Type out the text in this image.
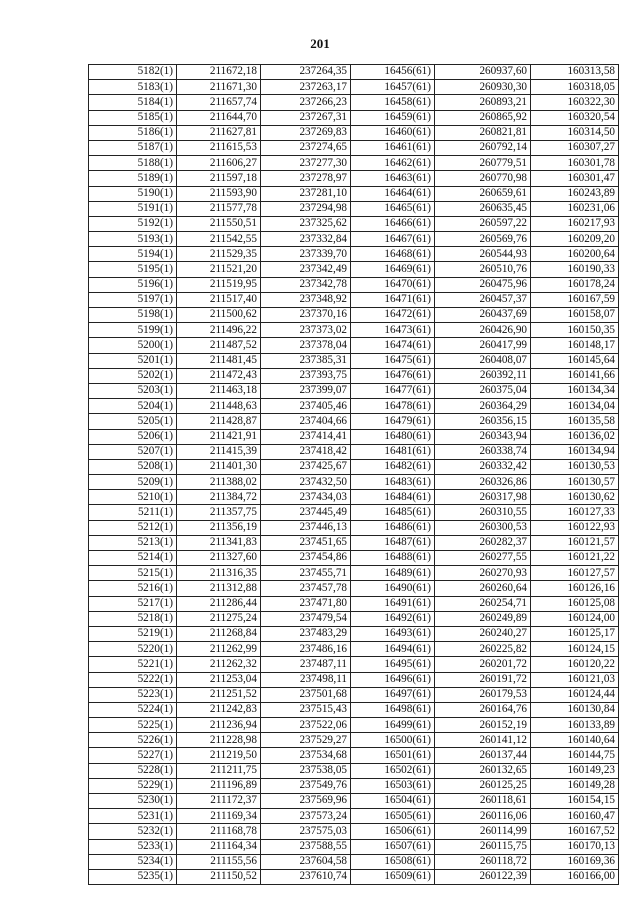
201
5182(1)	211672,18	237264,35	16456(61)	260937,60	160313,58
5183(1)	211671,30	237263,17	16457(61)	260930,30	160318,05
5184(1)	211657,74	237266,23	16458(61)	260893,21	160322,30
5185(1)	211644,70	237267,31	16459(61)	260865,92	160320,54
5186(1)	211627,81	237269,83	16460(61)	260821,81	160314,50
5187(1)	211615,53	237274,65	16461(61)	260792,14	160307,27
5188(1)	211606,27	237277,30	16462(61)	260779,51	160301,78
5189(1)	211597,18	237278,97	16463(61)	260770,98	160301,47
5190(1)	211593,90	237281,10	16464(61)	260659,61	160243,89
5191(1)	211577,78	237294,98	16465(61)	260635,45	160231,06
5192(1)	211550,51	237325,62	16466(61)	260597,22	160217,93
5193(1)	211542,55	237332,84	16467(61)	260569,76	160209,20
5194(1)	211529,35	237339,70	16468(61)	260544,93	160200,64
5195(1)	211521,20	237342,49	16469(61)	260510,76	160190,33
5196(1)	211519,95	237342,78	16470(61)	260475,96	160178,24
5197(1)	211517,40	237348,92	16471(61)	260457,37	160167,59
5198(1)	211500,62	237370,16	16472(61)	260437,69	160158,07
5199(1)	211496,22	237373,02	16473(61)	260426,90	160150,35
5200(1)	211487,52	237378,04	16474(61)	260417,99	160148,17
5201(1)	211481,45	237385,31	16475(61)	260408,07	160145,64
5202(1)	211472,43	237393,75	16476(61)	260392,11	160141,66
5203(1)	211463,18	237399,07	16477(61)	260375,04	160134,34
5204(1)	211448,63	237405,46	16478(61)	260364,29	160134,04
5205(1)	211428,87	237404,66	16479(61)	260356,15	160135,58
5206(1)	211421,91	237414,41	16480(61)	260343,94	160136,02
5207(1)	211415,39	237418,42	16481(61)	260338,74	160134,94
5208(1)	211401,30	237425,67	16482(61)	260332,42	160130,53
5209(1)	211388,02	237432,50	16483(61)	260326,86	160130,57
5210(1)	211384,72	237434,03	16484(61)	260317,98	160130,62
5211(1)	211357,75	237445,49	16485(61)	260310,55	160127,33
5212(1)	211356,19	237446,13	16486(61)	260300,53	160122,93
5213(1)	211341,83	237451,65	16487(61)	260282,37	160121,57
5214(1)	211327,60	237454,86	16488(61)	260277,55	160121,22
5215(1)	211316,35	237455,71	16489(61)	260270,93	160127,57
5216(1)	211312,88	237457,78	16490(61)	260260,64	160126,16
5217(1)	211286,44	237471,80	16491(61)	260254,71	160125,08
5218(1)	211275,24	237479,54	16492(61)	260249,89	160124,00
5219(1)	211268,84	237483,29	16493(61)	260240,27	160125,17
5220(1)	211262,99	237486,16	16494(61)	260225,82	160124,15
5221(1)	211262,32	237487,11	16495(61)	260201,72	160120,22
5222(1)	211253,04	237498,11	16496(61)	260191,72	160121,03
5223(1)	211251,52	237501,68	16497(61)	260179,53	160124,44
5224(1)	211242,83	237515,43	16498(61)	260164,76	160130,84
5225(1)	211236,94	237522,06	16499(61)	260152,19	160133,89
5226(1)	211228,98	237529,27	16500(61)	260141,12	160140,64
5227(1)	211219,50	237534,68	16501(61)	260137,44	160144,75
5228(1)	211211,75	237538,05	16502(61)	260132,65	160149,23
5229(1)	211196,89	237549,76	16503(61)	260125,25	160149,28
5230(1)	211172,37	237569,96	16504(61)	260118,61	160154,15
5231(1)	211169,34	237573,24	16505(61)	260116,06	160160,47
5232(1)	211168,78	237575,03	16506(61)	260114,99	160167,52
5233(1)	211164,34	237588,55	16507(61)	260115,75	160170,13
5234(1)	211155,56	237604,58	16508(61)	260118,72	160169,36
5235(1)	211150,52	237610,74	16509(61)	260122,39	160166,00
